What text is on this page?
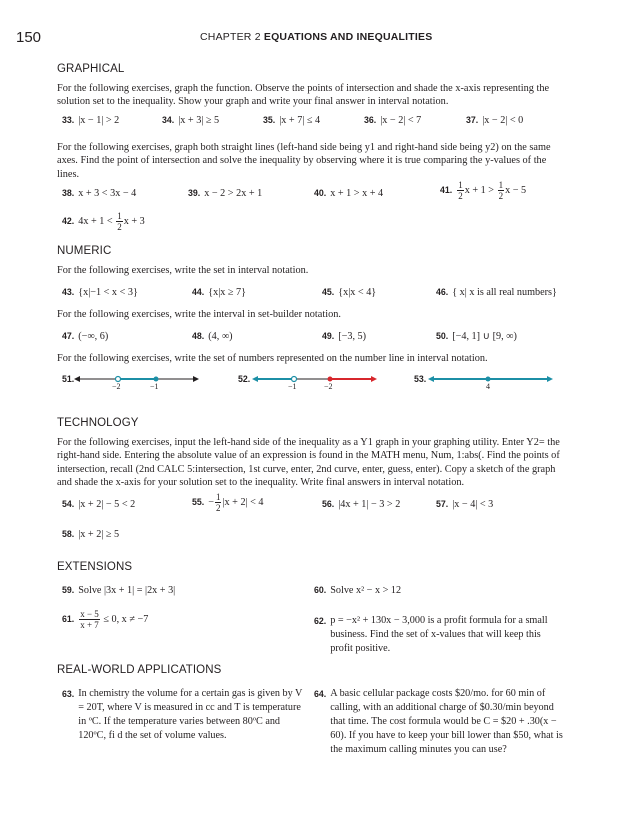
150	CHAPTER 2 EQUATIONS AND INEQUALITIES
GRAPHICAL
For the following exercises, graph the function. Observe the points of intersection and shade the x-axis representing the solution set to the inequality. Show your graph and write your final answer in interval notation.
33. |x − 1| > 2	34. |x + 3| ≥ 5	35. |x + 7| ≤ 4	36. |x − 2| < 7	37. |x − 2| < 0
For the following exercises, graph both straight lines (left-hand side being y1 and right-hand side being y2) on the same axes. Find the point of intersection and solve the inequality by observing where it is true comparing the y-values of the lines.
38. x + 3 < 3x − 4	39. x − 2 > 2x + 1	40. x + 1 > x + 4	41. $\frac{1}{2}$ $x + 1 > \frac{1}{2}$ x − 5
42. $4x + 1 < \frac{1}{2}$ x + 3
NUMERIC
For the following exercises, write the set in interval notation.
43. {x|−1 < x < 3}	44. {x|x ≥ 7}	45. {x|x < 4}	46. { x| x is all real numbers}
For the following exercises, write the interval in set-builder notation.
47. (−∞, 6)	48. (4, ∞)	49. [−3, 5)	50. [−4, 1] ∪ [9, ∞)
For the following exercises, write the set of numbers represented on the number line in interval notation.
51.
−2	−1
52.
−1	−2
53.
4
TECHNOLOGY
For the following exercises, input the left-hand side of the inequality as a Y1 graph in your graphing utility. Enter Y2= the right-hand side. Entering the absolute value of an expression is found in the MATH menu, Num, 1:abs(. Find the points of intersection, recall (2nd CALC 5:intersection, 1st curve, enter, 2nd curve, enter, guess, enter). Copy a sketch of the graph and shade the x-axis for your solution set to the inequality. Write final answers in interval notation.
54. |x + 2| − 5 < 2	55. − $\frac{1}{2} |x + 2| < 4$	56. |4x + 1| − 3 > 2	57. |x − 4| < 3
58. |x + 2| ≥ 5
EXTENSIONS
59. Solve |3x + 1| = |2x + 3|	60. Solve x² − x > 12
61. $\frac{x - 5}{x + 7} \le 0$, x ≠ −7	62. p = −x² + 130x − 3,000 is a profit formula for a small business. Find the set of x-values that will keep this profit positive.
REAL-WORLD APPLICATIONS
63. In chemistry the volume for a certain gas is given by V = 20T, where V is measured in cc and T is temperature in ºC. If the temperature varies between 80ºC and 120ºC, fi d the set of volume values.
64. A basic cellular package costs $20/mo. for 60 min of calling, with an additional charge of $0.30/min beyond that time. The cost formula would be C = $20 + .30(x − 60). If you have to keep your bill lower than $50, what is the maximum calling minutes you can use?
